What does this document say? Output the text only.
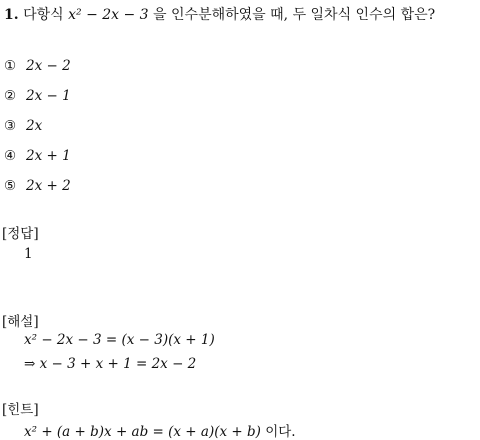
1. 다항식 x² − 2x − 3 을 인수분해하였을 때, 두 일차식 인수의 합은?
① 2x − 2
② 2x − 1
③ 2x
④ 2x + 1
⑤ 2x + 2
[정답]
1
[해설]
x² − 2x − 3 = (x − 3)(x + 1)
⇒ x − 3 + x + 1 = 2x − 2
[힌트]
x² + (a + b)x + ab = (x + a)(x + b) 이다.
